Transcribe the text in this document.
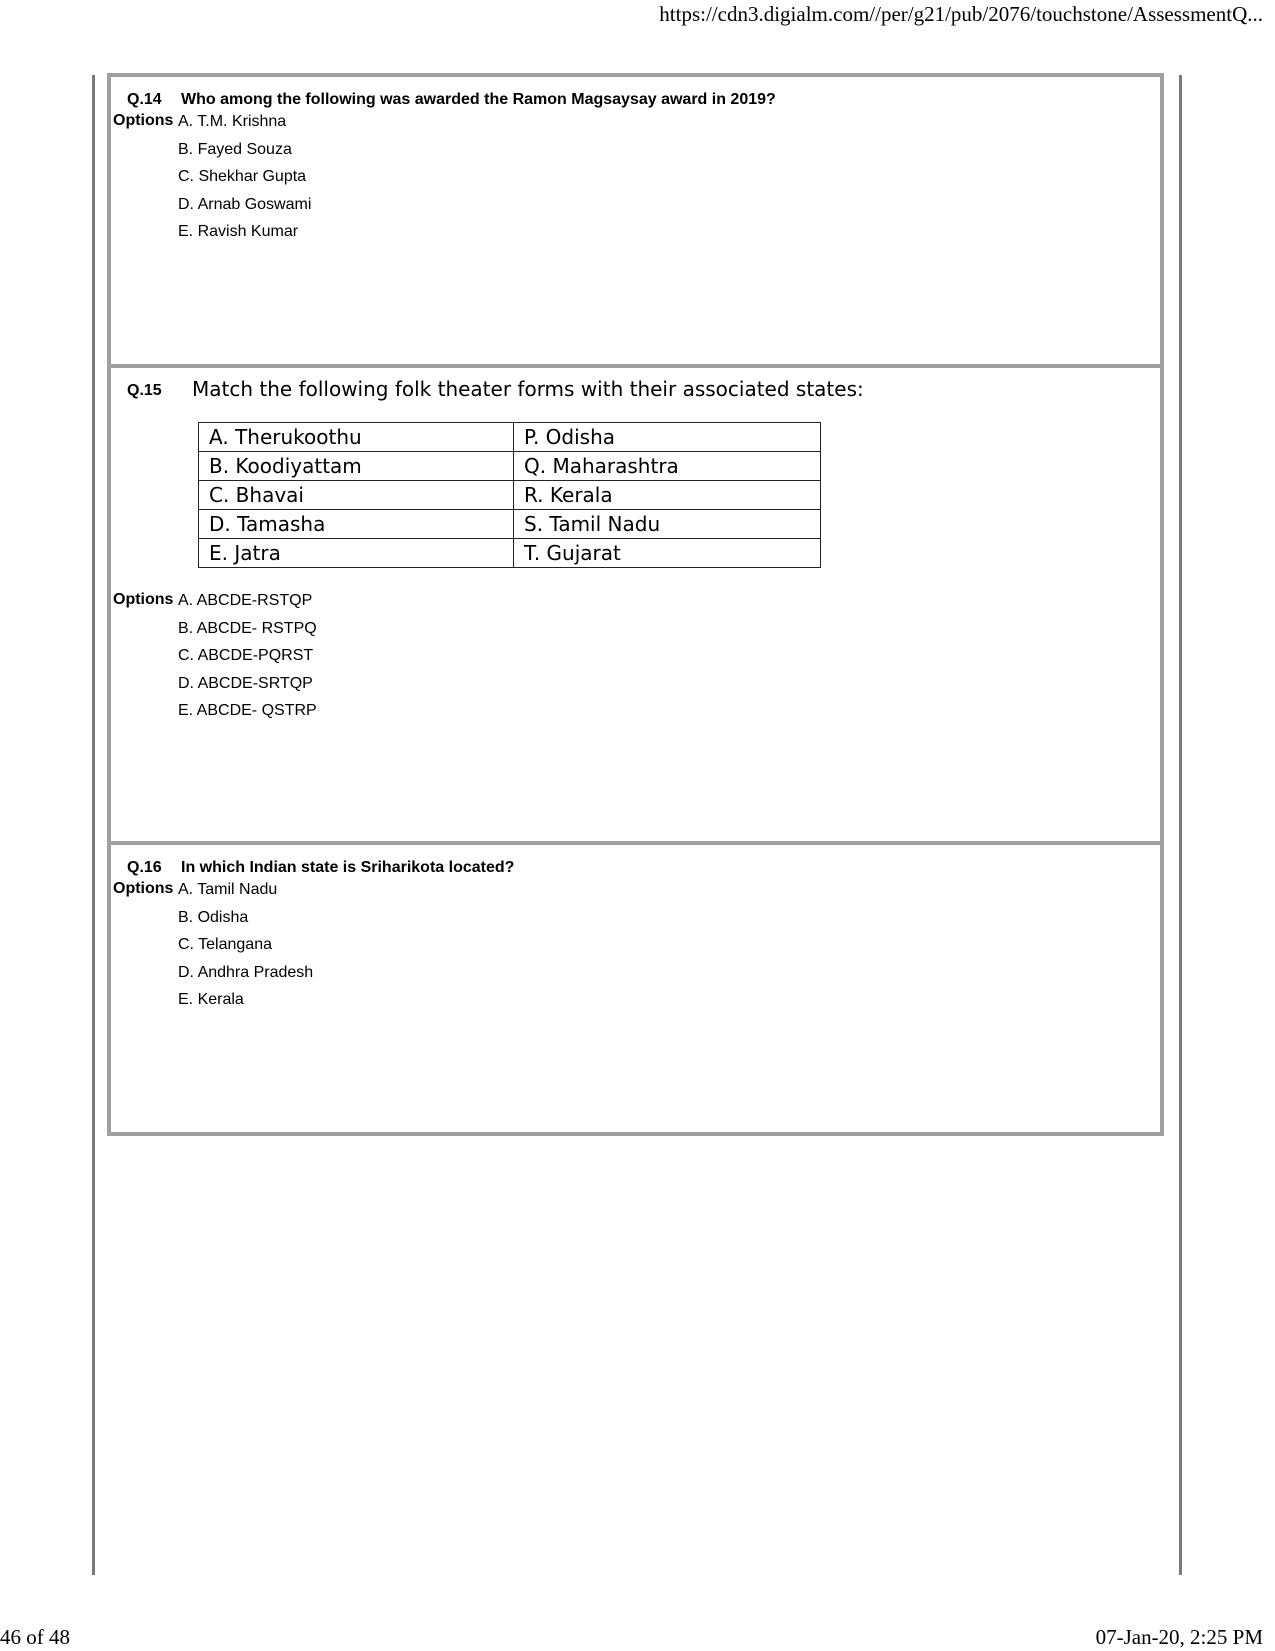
https://cdn3.digialm.com//per/g21/pub/2076/touchstone/AssessmentQ...
Q.14 Who among the following was awarded the Ramon Magsaysay award in 2019?
Options A. T.M. Krishna
B. Fayed Souza
C. Shekhar Gupta
D. Arnab Goswami
E. Ravish Kumar
Q.15 Match the following folk theater forms with their associated states:
A. Therukoothu	P. Odisha
B. Koodiyattam	Q. Maharashtra
C. Bhavai	R. Kerala
D. Tamasha	S. Tamil Nadu
E. Jatra	T. Gujarat
Options A. ABCDE-RSTQP
B. ABCDE- RSTPQ
C. ABCDE-PQRST
D. ABCDE-SRTQP
E. ABCDE- QSTRP
Q.16 In which Indian state is Sriharikota located?
Options A. Tamil Nadu
B. Odisha
C. Telangana
D. Andhra Pradesh
E. Kerala
46 of 48	07-Jan-20, 2:25 PM
